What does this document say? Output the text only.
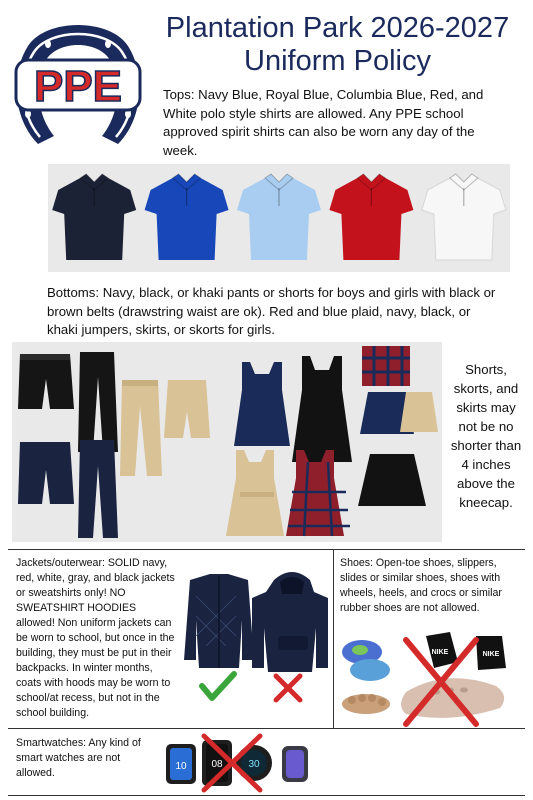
PPE
Plantation Park 2026-2027
Uniform Policy
Tops: Navy Blue, Royal Blue, Columbia Blue, Red, and White polo style shirts are allowed. Any PPE school approved spirit shirts can also be worn any day of the week.
Bottoms: Navy, black, or khaki pants or shorts for boys and girls with black or brown belts (drawstring waist are ok). Red and blue plaid, navy, black, or khaki jumpers, skirts, or skorts for girls.
Shorts,
skorts, and
skirts may
not be no
shorter than
4 inches
above the
kneecap.
Jackets/outerwear: SOLID navy, red, white, gray, and black jackets or sweatshirts only! NO SWEATSHIRT HOODIES allowed! Non uniform jackets can be worn to school, but once in the building, they must be put in their backpacks. In winter months, coats with hoods may be worn to school/at recess, but not in the school building.
Shoes: Open-toe shoes, slippers, slides or similar shoes, shoes with wheels, heels, and crocs or similar rubber shoes are not allowed.
NIKE	NIKE
Smartwatches: Any kind of smart watches are not allowed.
10 08	30
